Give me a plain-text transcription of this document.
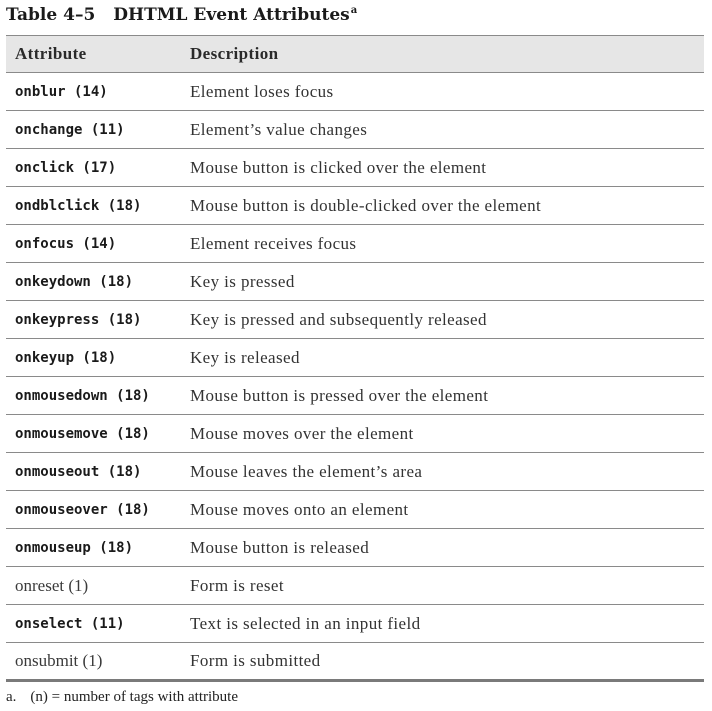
Table 4–5 DHTML Event Attributes$^a$
Attribute	Description
onblur (14)	Element loses focus
onchange (11)	Element’s value changes
onclick (17)	Mouse button is clicked over the element
ondblclick (18)	Mouse button is double-clicked over the element
onfocus (14)	Element receives focus
onkeydown (18)	Key is pressed
onkeypress (18)	Key is pressed and subsequently released
onkeyup (18)	Key is released
onmousedown (18)	Mouse button is pressed over the element
onmousemove (18)	Mouse moves over the element
onmouseout (18)	Mouse leaves the element’s area
onmouseover (18)	Mouse moves onto an element
onmouseup (18)	Mouse button is released
onreset (1)	Form is reset
onselect (11)	Text is selected in an input field
onsubmit (1)	Form is submitted
a. (n) = number of tags with attribute
